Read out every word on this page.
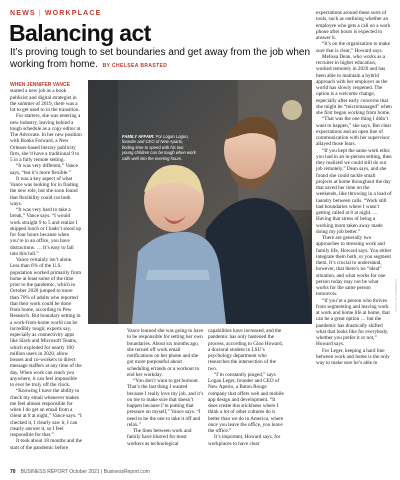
NEWS | WORKPLACE
Balancing act

It’s proving tough to set boundaries and get away from the job when working from home. BY CHELSEA BRASTED

WHEN JENNIFER VANCE started a new job as a book publicist and digital strategist in the summer of 2019, there was a lot to get used to in the transition.

For starters, she was entering a new industry, leaving behind a tough schedule as a copy editor at The Advocate. In her new position with Books Forward, a New Orleans-based literary publicity firm, she’d have a traditional 9 to 5 in a fully remote setting.

“It was very different,” Vance says, “but it’s more flexible.”

It was a key aspect of what Vance was looking for in finding the new role, but she soon found that flexibility could cut both ways.

“It was very hard to take a break,” Vance says. “I would work straight 9 to 5 and realize I skipped lunch or I hadn’t stood up for four hours because when you’re in an office, you have distractions. … It’s easy to fall into this lull.”

Vance certainly isn’t alone. Less than 6% of the U.S. population worked primarily from home at least some of the time prior to the pandemic, which in October 2020 jumped to more than 70% of adults who reported that their work could be done from home, according to Pew Research. But boundary setting in a work-from-home world can be incredibly tough; experts say, especially as connectivity apps like Slack and Microsoft Teams, which exploded for nearly 100 million users in 2020, allow bosses and co-workers to direct message staffers at any time of the day. When work can reach you anywhere, it can feel impossible to ever be truly off the clock.

“Knowing I have the ability to check my email whenever makes me feel almost responsible for when I do get an email from a client at 8 at night,” Vance says. “I checked it, I clearly saw it, I can clearly answer it, so I feel responsible for that.”

It took about 18 months and the start of the pandemic before

PHOTO BY SOMEBODY
FAMILY AFFAIR: For Logan Lagoo, founder and CEO of New Aparto, finding time to spend with his two young children can be tough when work calls well into the evening hours.

Vance learned she was going to have to be responsible for setting her own boundaries. About six months ago, she turned off work email notifications on her phone and she got more purposeful about scheduling errands or a workout to end her workday.

“You don’t want to get burnout. That’s the last thing I wanted because I really love my job, and it’s on me to make sure that doesn’t happen because I’m putting that pressure on myself,” Vance says. “I need to be the one to take it off and relax.”

The lines between work and family have blurred for most workers as technological

capabilities have increased, and the pandemic has only hastened the process, according to Gino Howard, a doctoral student in LSU’s psychology department who researches the intersection of the two.

“I’m constantly pinged,” says Logan Leger, founder and CEO of New Aperio, a Baton Rouge company that offers web and mobile app design and development. “It does create this stickiness where I think a lot of other cultures do it better than we do in America, where once you leave the office, you leave the office.”

It’s important, Howard says, for workplaces to have clear

expectations around these sorts of tools, such as outlining whether an employee who gets a call on a work phone after hours is expected to answer it.

“It’s on the organization to make sure that is clear,” Howard says.

Melissa Dean, who works as a recruiter in higher education, worked remotely in 2020 and has been able to maintain a hybrid approach with her employer as the world has slowly reopened. The option is a welcome change, especially after early concerns that she might be “micromanaged” when she first began working from home.

“That was the one thing I didn’t want to happen,” she says. But clear expectations and an open line of communication with her supervisor allayed those fears.

“If you kept the same work ethic you had in an in-person setting, then they realized we could still do our job remotely,” Dean says, and she found she could tackle small projects at home throughout the day that saved her time on the weekends, like throwing in a load of laundry between calls. “Work still had boundaries where I wasn’t getting called at 8 at night. … Having that stress of being a working mom taken away made doing my job better.”

There are generally two approaches to stressing work and family life, Howard says: You either integrate them both, or you segment them. It’s crucial to understand, however, that there’s no “ideal” situation, and what works for one person today may not be what works for the same person tomorrow.

“If you’re a person who thrives from segmenting and leaving work at work and home life at home, that can be a great option … but the pandemic has drastically shifted what that looks like for everybody, whether you prefer it or not,” Howard says.

For Leger, keeping a hard line between work and home is the only way to make sure he’s able to

70 BUSINESS REPORT October 2021 | BusinessReport.com
